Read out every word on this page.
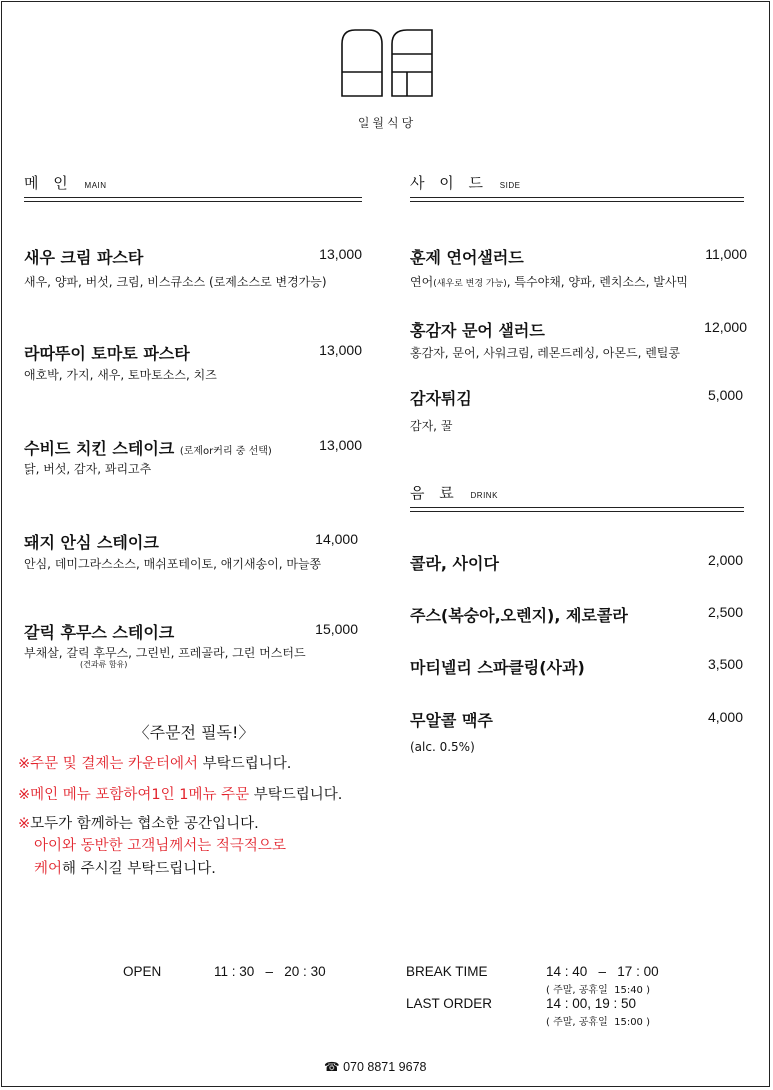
일월식당
메 인 MAIN	사 이 드 SIDE
새우 크림 파스타	13,000
새우, 양파, 버섯, 크림, 비스큐소스 (로제소스로 변경가능)
라따뚜이 토마토 파스타	13,000
애호박, 가지, 새우, 토마토소스, 치즈
수비드 치킨 스테이크 (로제or커리 중 선택)	13,000
닭, 버섯, 감자, 꽈리고추
돼지 안심 스테이크	14,000
안심, 데미그라스소스, 매쉬포테이토, 애기새송이, 마늘쫑
갈릭 후무스 스테이크	15,000
부채살, 갈릭 후무스, 그린빈, 프레골라, 그린 머스터드
(견과류 함유)
훈제 연어샐러드	11,000
연어(새우로 변경 가능), 특수야채, 양파, 렌치소스, 발사믹
홍감자 문어 샐러드	12,000
홍감자, 문어, 사워크림, 레몬드레싱, 아몬드, 렌틸콩
감자튀김	5,000
감자, 꿀
음 료 DRINK
콜라, 사이다	2,000
주스(복숭아,오렌지), 제로콜라	2,500
마티넬리 스파클링(사과)	3,500
무알콜 맥주	4,000
(alc. 0.5%)
〈주문전 필독!〉
※주문 및 결제는 카운터에서 부탁드립니다.
※메인 메뉴 포함하여1인 1메뉴 주문 부탁드립니다.
※모두가 함께하는 협소한 공간입니다.
아이와 동반한 고객님께서는 적극적으로
케어해 주시길 부탁드립니다.
OPEN	11 : 30   –   20 : 30	BREAK TIME	14 : 40   –   17 : 00
( 주말, 공휴일  15:40 )
LAST ORDER	14 : 00, 19 : 50
( 주말, 공휴일  15:00 )
☎ 070 8871 9678
